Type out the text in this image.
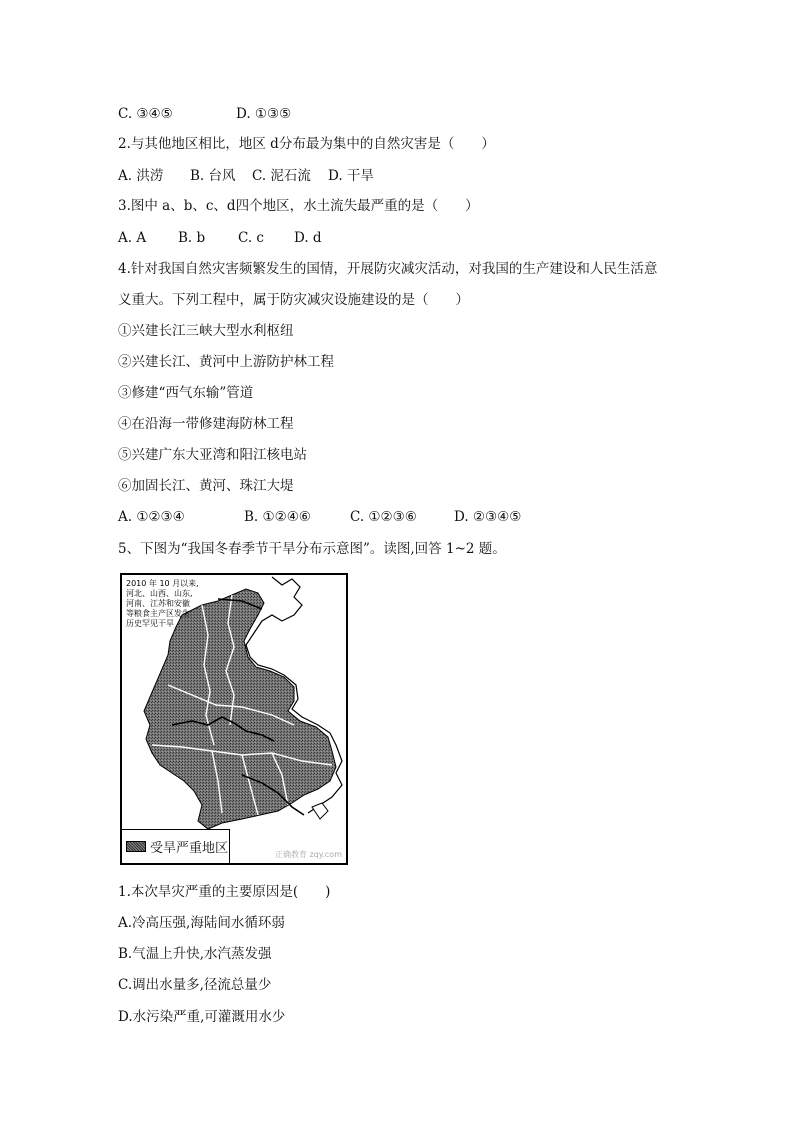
C. ③④⑤	D. ①③⑤
2.与其他地区相比，地区 d分布最为集中的自然灾害是（　　）
A. 洪涝 B. 台风 C. 泥石流 D. 干旱
3.图中 a、b、c、d四个地区，水土流失最严重的是（　　）
A. A B. b C. c D. d
4.针对我国自然灾害频繁发生的国情，开展防灾减灾活动，对我国的生产建设和人民生活意
义重大。下列工程中，属于防灾减灾设施建设的是（　　）
①兴建长江三峡大型水利枢纽
②兴建长江、黄河中上游防护林工程
③修建“西气东输”管道
④在沿海一带修建海防林工程
⑤兴建广东大亚湾和阳江核电站
⑥加固长江、黄河、珠江大堤
A. ①②③④	B. ①②④⑥	C. ①②③⑥	D. ②③④⑤
5、下图为“我国冬春季节干旱分布示意图”。读图,回答 1~2 题。
2010 年 10 月以来,
河北、山西、山东,
河南、江苏和安徽
等粮食主产区发生
历史罕见干旱
受旱严重地区	正确教育 zqy.com
1.本次旱灾严重的主要原因是(　　)
A.冷高压强,海陆间水循环弱
B.气温上升快,水汽蒸发强
C.调出水量多,径流总量少
D.水污染严重,可灌溉用水少
